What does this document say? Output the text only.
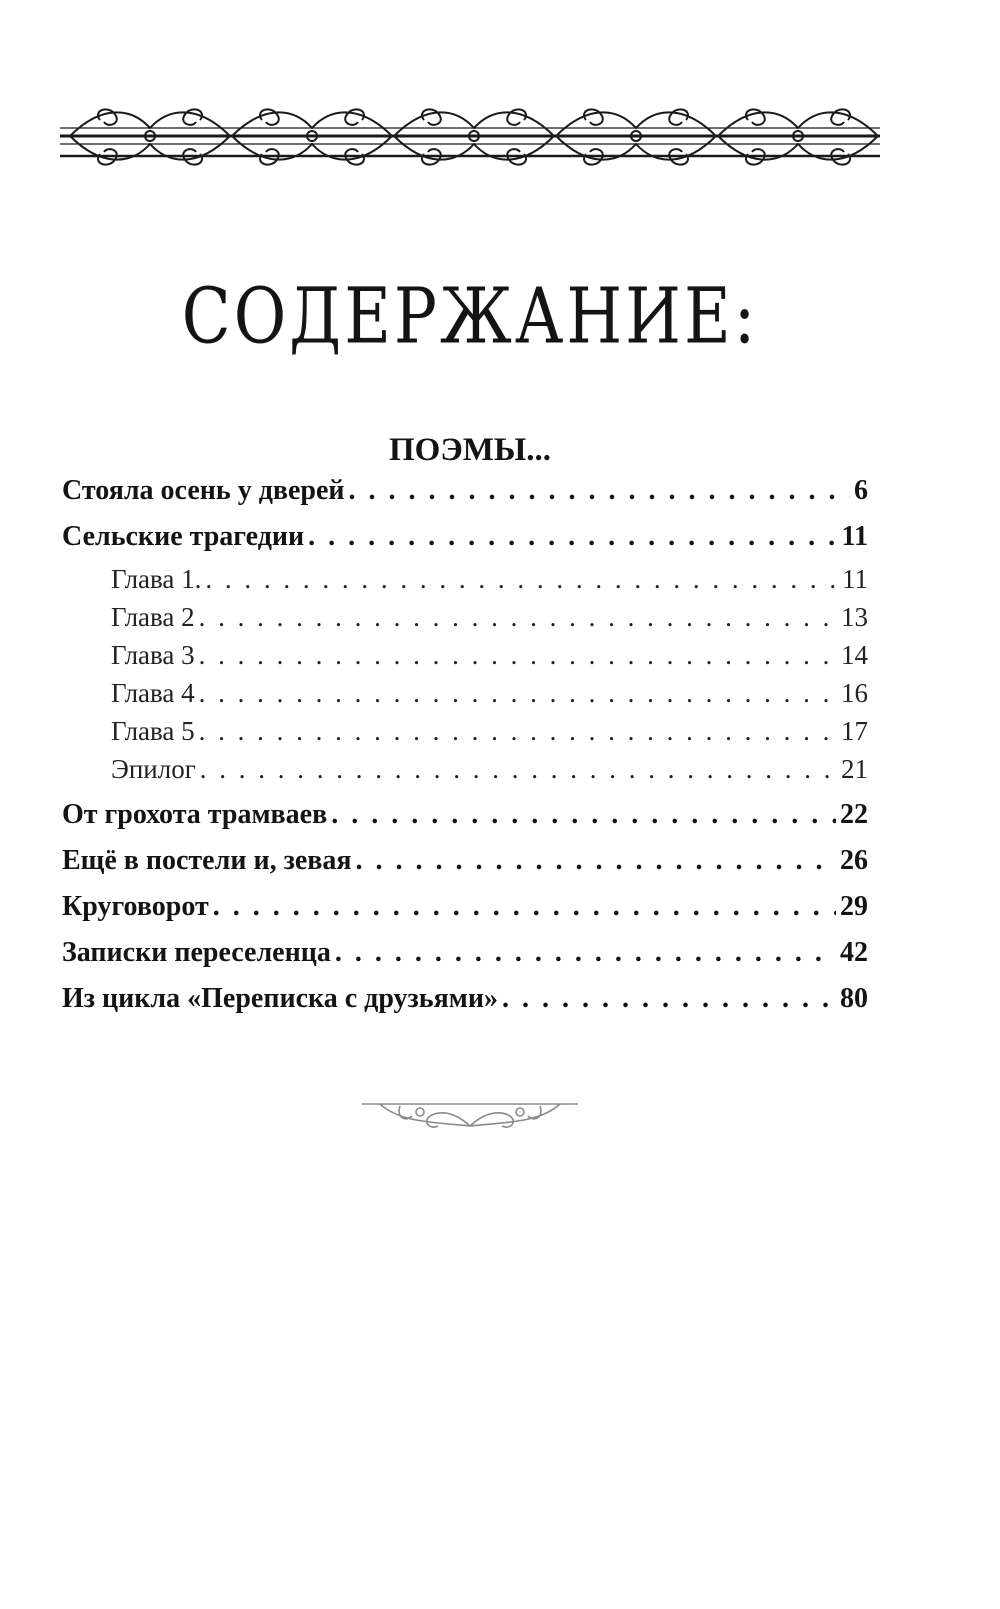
СОДЕРЖАНИЕ:
ПОЭМЫ...
Стояла осень у дверей . . .	6
Сельские трагедии . . .	11
Глава 1. . . .	11
Глава 2 . . .	13
Глава 3 . . .	14
Глава 4 . . .	16
Глава 5 . . .	17
Эпилог . . .	21
От грохота трамваев . . .	22
Ещё в постели и, зевая . . .	26
Круговорот . . .	29
Записки переселенца . . .	42
Из цикла «Переписка с друзьями» . . .	80
